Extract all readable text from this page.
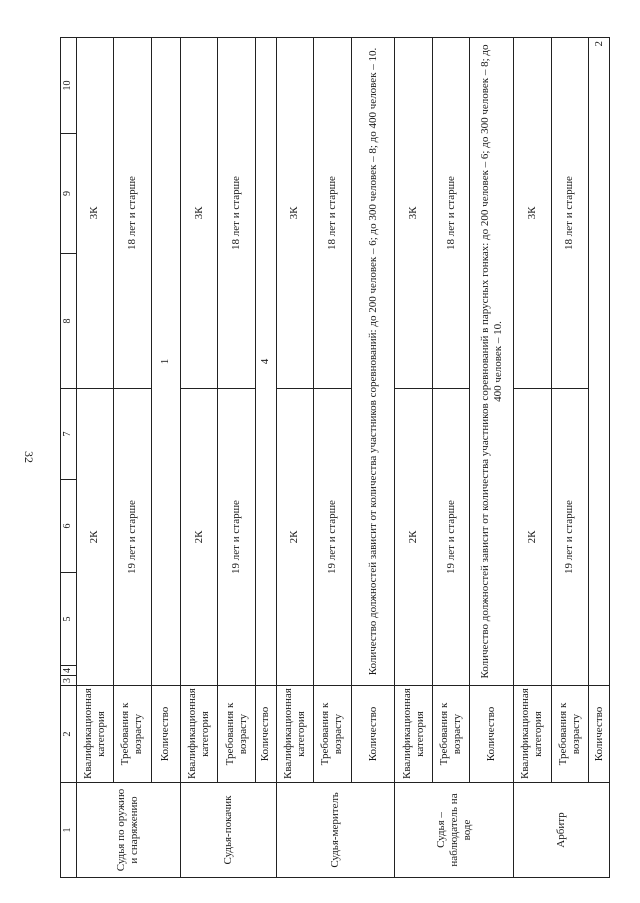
32
1	2	3	4	5	6	7	8	9	10
Судья по оружию и снаряжению	Квалификационная категория	2К					3К		
	Требования к возрасту	19 лет и старше					18 лет и старше		
	Количество	1							
Судья-покачик	Квалификационная категория	2К					3К		
	Требования к возрасту	19 лет и старше					18 лет и старше		
	Количество	4							
Судья-мерителъ	Квалификационная категория	2К					3К		
	Требования к возрасту	19 лет и старше					18 лет и старше		
	Количество	Количество должностей зависит от количества участников соревнований: до 200 человек – 6; до 300 человек – 8; до 400 человек – 10.							
Судья – наблюдатель на воде	Квалификационная категория	2К					3К		
	Требования к возрасту	19 лет и старше					18 лет и старше		
	Количество	Количество должностей зависит от количества участников соревнований в парусных гонках: до 200 человек – 6; до 300 человек – 8; до 400 человек – 10.							
Арбитр	Квалификационная категория	2К					3К		
	Требования к возрасту	19 лет и старше					18 лет и старше		
	Количество	2							
